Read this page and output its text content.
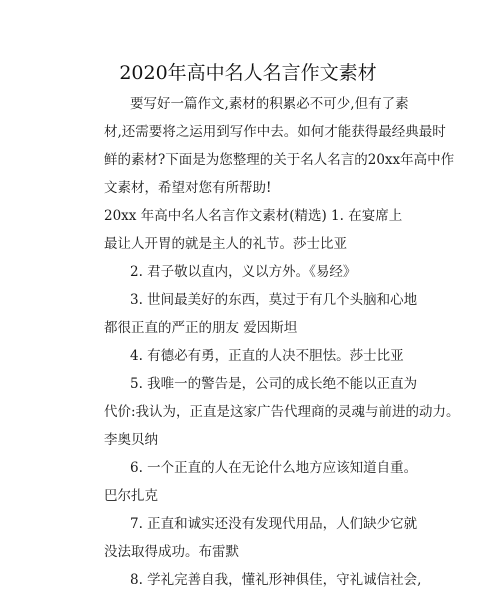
2020年高中名人名言作文素材
要写好一篇作文,素材的积累必不可少,但有了素
材,还需要将之运用到写作中去。如何才能获得最经典最时
鲜的素材?下面是为您整理的关于名人名言的20xx年高中作
文素材，希望对您有所帮助!
20xx 年高中名人名言作文素材(精选) 1. 在宴席上
最让人开胃的就是主人的礼节。莎士比亚
2. 君子敬以直内，义以方外。《易经》
3. 世间最美好的东西，莫过于有几个头脑和心地
都很正直的严正的朋友 爱因斯坦
4. 有德必有勇，正直的人决不胆怯。莎士比亚
5. 我唯一的警告是，公司的成长绝不能以正直为
代价:我认为，正直是这家广告代理商的灵魂与前进的动力。
李奥贝纳
6. 一个正直的人在无论什么地方应该知道自重。
巴尔扎克
7. 正直和诚实还没有发现代用品，人们缺少它就
没法取得成功。布雷默
8. 学礼完善自我，懂礼形神俱佳，守礼诚信社会,
